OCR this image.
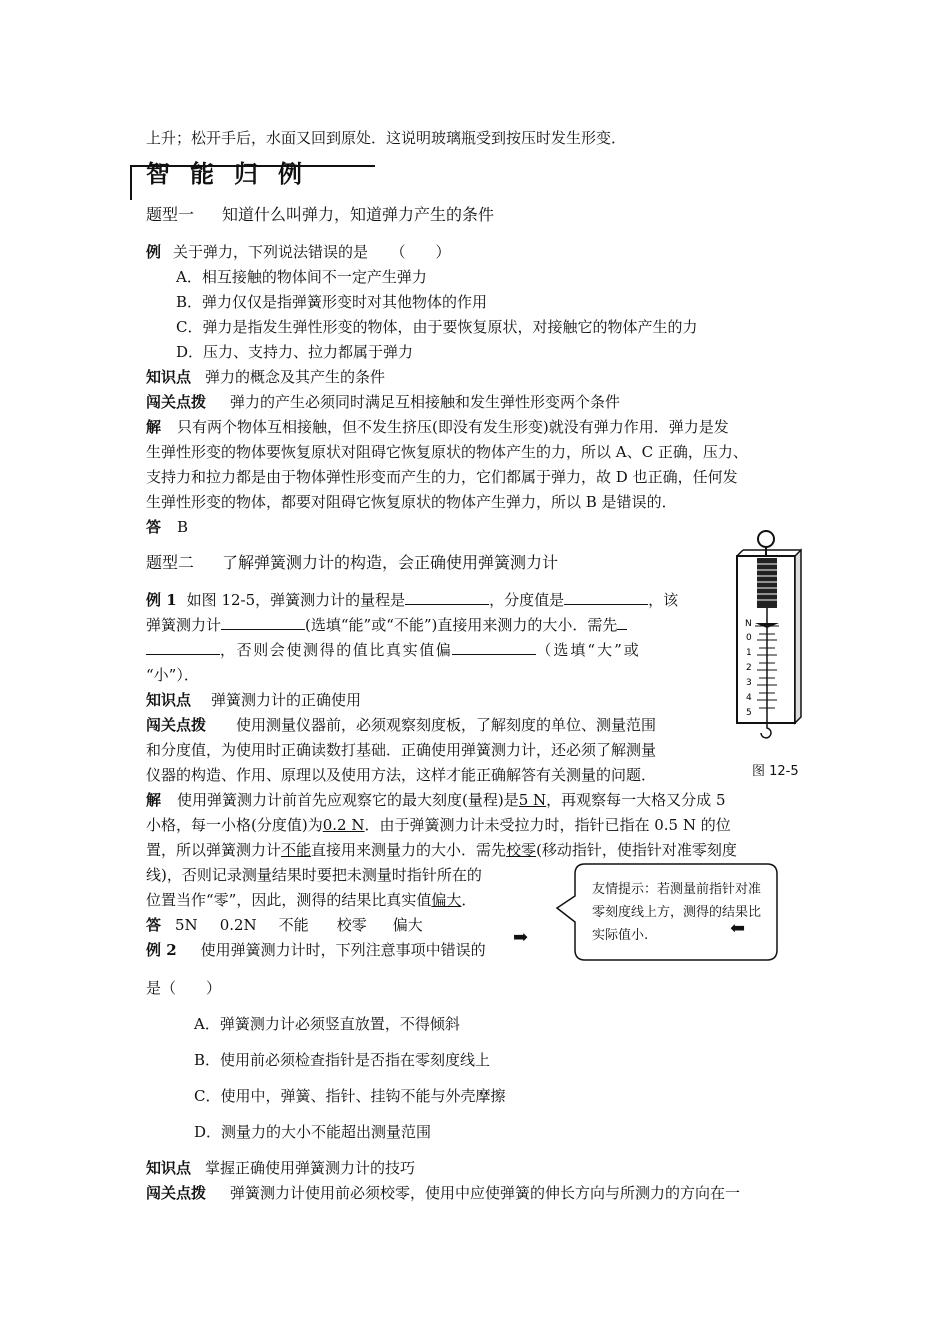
上升；松开手后，水面又回到原处．这说明玻璃瓶受到按压时发生形变．
智能归例
题型一 知道什么叫弹力，知道弹力产生的条件
例 关于弹力，下列说法错误的是　　（　　）
A．相互接触的物体间不一定产生弹力
B．弹力仅仅是指弹簧形变时对其他物体的作用
C．弹力是指发生弹性形变的物体，由于要恢复原状，对接触它的物体产生的力
D．压力、支持力、拉力都属于弹力
知识点 弹力的概念及其产生的条件
闯关点拨 弹力的产生必须同时满足互相接触和发生弹性形变两个条件
解 只有两个物体互相接触，但不发生挤压(即没有发生形变)就没有弹力作用．弹力是发
生弹性形变的物体要恢复原状对阻碍它恢复原状的物体产生的力，所以 A、C 正确，压力、
支持力和拉力都是由于物体弹性形变而产生的力，它们都属于弹力，故 D 也正确，任何发
生弹性形变的物体，都要对阻碍它恢复原状的物体产生弹力，所以 B 是错误的．
答 B
题型二 了解弹簧测力计的构造，会正确使用弹簧测力计
例 1 如图 12-5，弹簧测力计的量程是	，分度值是	，该
弹簧测力计	(选填“能”或“不能”)直接用来测力的大小．需先
，否则会使测得的值比真实值偏	（选填“大”或
“小”）．
知识点 弹簧测力计的正确使用
闯关点拨 使用测量仪器前，必须观察刻度板，了解刻度的单位、测量范围
和分度值，为使用时正确读数打基础．正确使用弹簧测力计，还必须了解测量
仪器的构造、作用、原理以及使用方法，这样才能正确解答有关测量的问题．
N
0
1
2
3
4
5
图 12-5
解 使用弹簧测力计前首先应观察它的最大刻度(量程)是5 N，再观察每一大格又分成 5
小格，每一小格(分度值)为0.2 N．由于弹簧测力计未受拉力时，指针已指在 0.5 N 的位
置，所以弹簧测力计不能直接用来测量力的大小．需先校零(移动指针，使指针对准零刻度
线)，否则记录测量结果时要把未测量时指针所在的
位置当作“零”，因此，测得的结果比真实值偏大．
答 5N 0.2N 不能 校零 偏大
友情提示：若测量前指针对准零刻度线上方，测得的结果比实际值小.
➡	⬅
例 2 使用弹簧测力计时，下列注意事项中错误的
是（　　）
A．弹簧测力计必须竖直放置，不得倾斜
B．使用前必须检查指针是否指在零刻度线上
C．使用中，弹簧、指针、挂钩不能与外壳摩擦
D．测量力的大小不能超出测量范围
知识点 掌握正确使用弹簧测力计的技巧
闯关点拨 弹簧测力计使用前必须校零，使用中应使弹簧的伸长方向与所测力的方向在一
